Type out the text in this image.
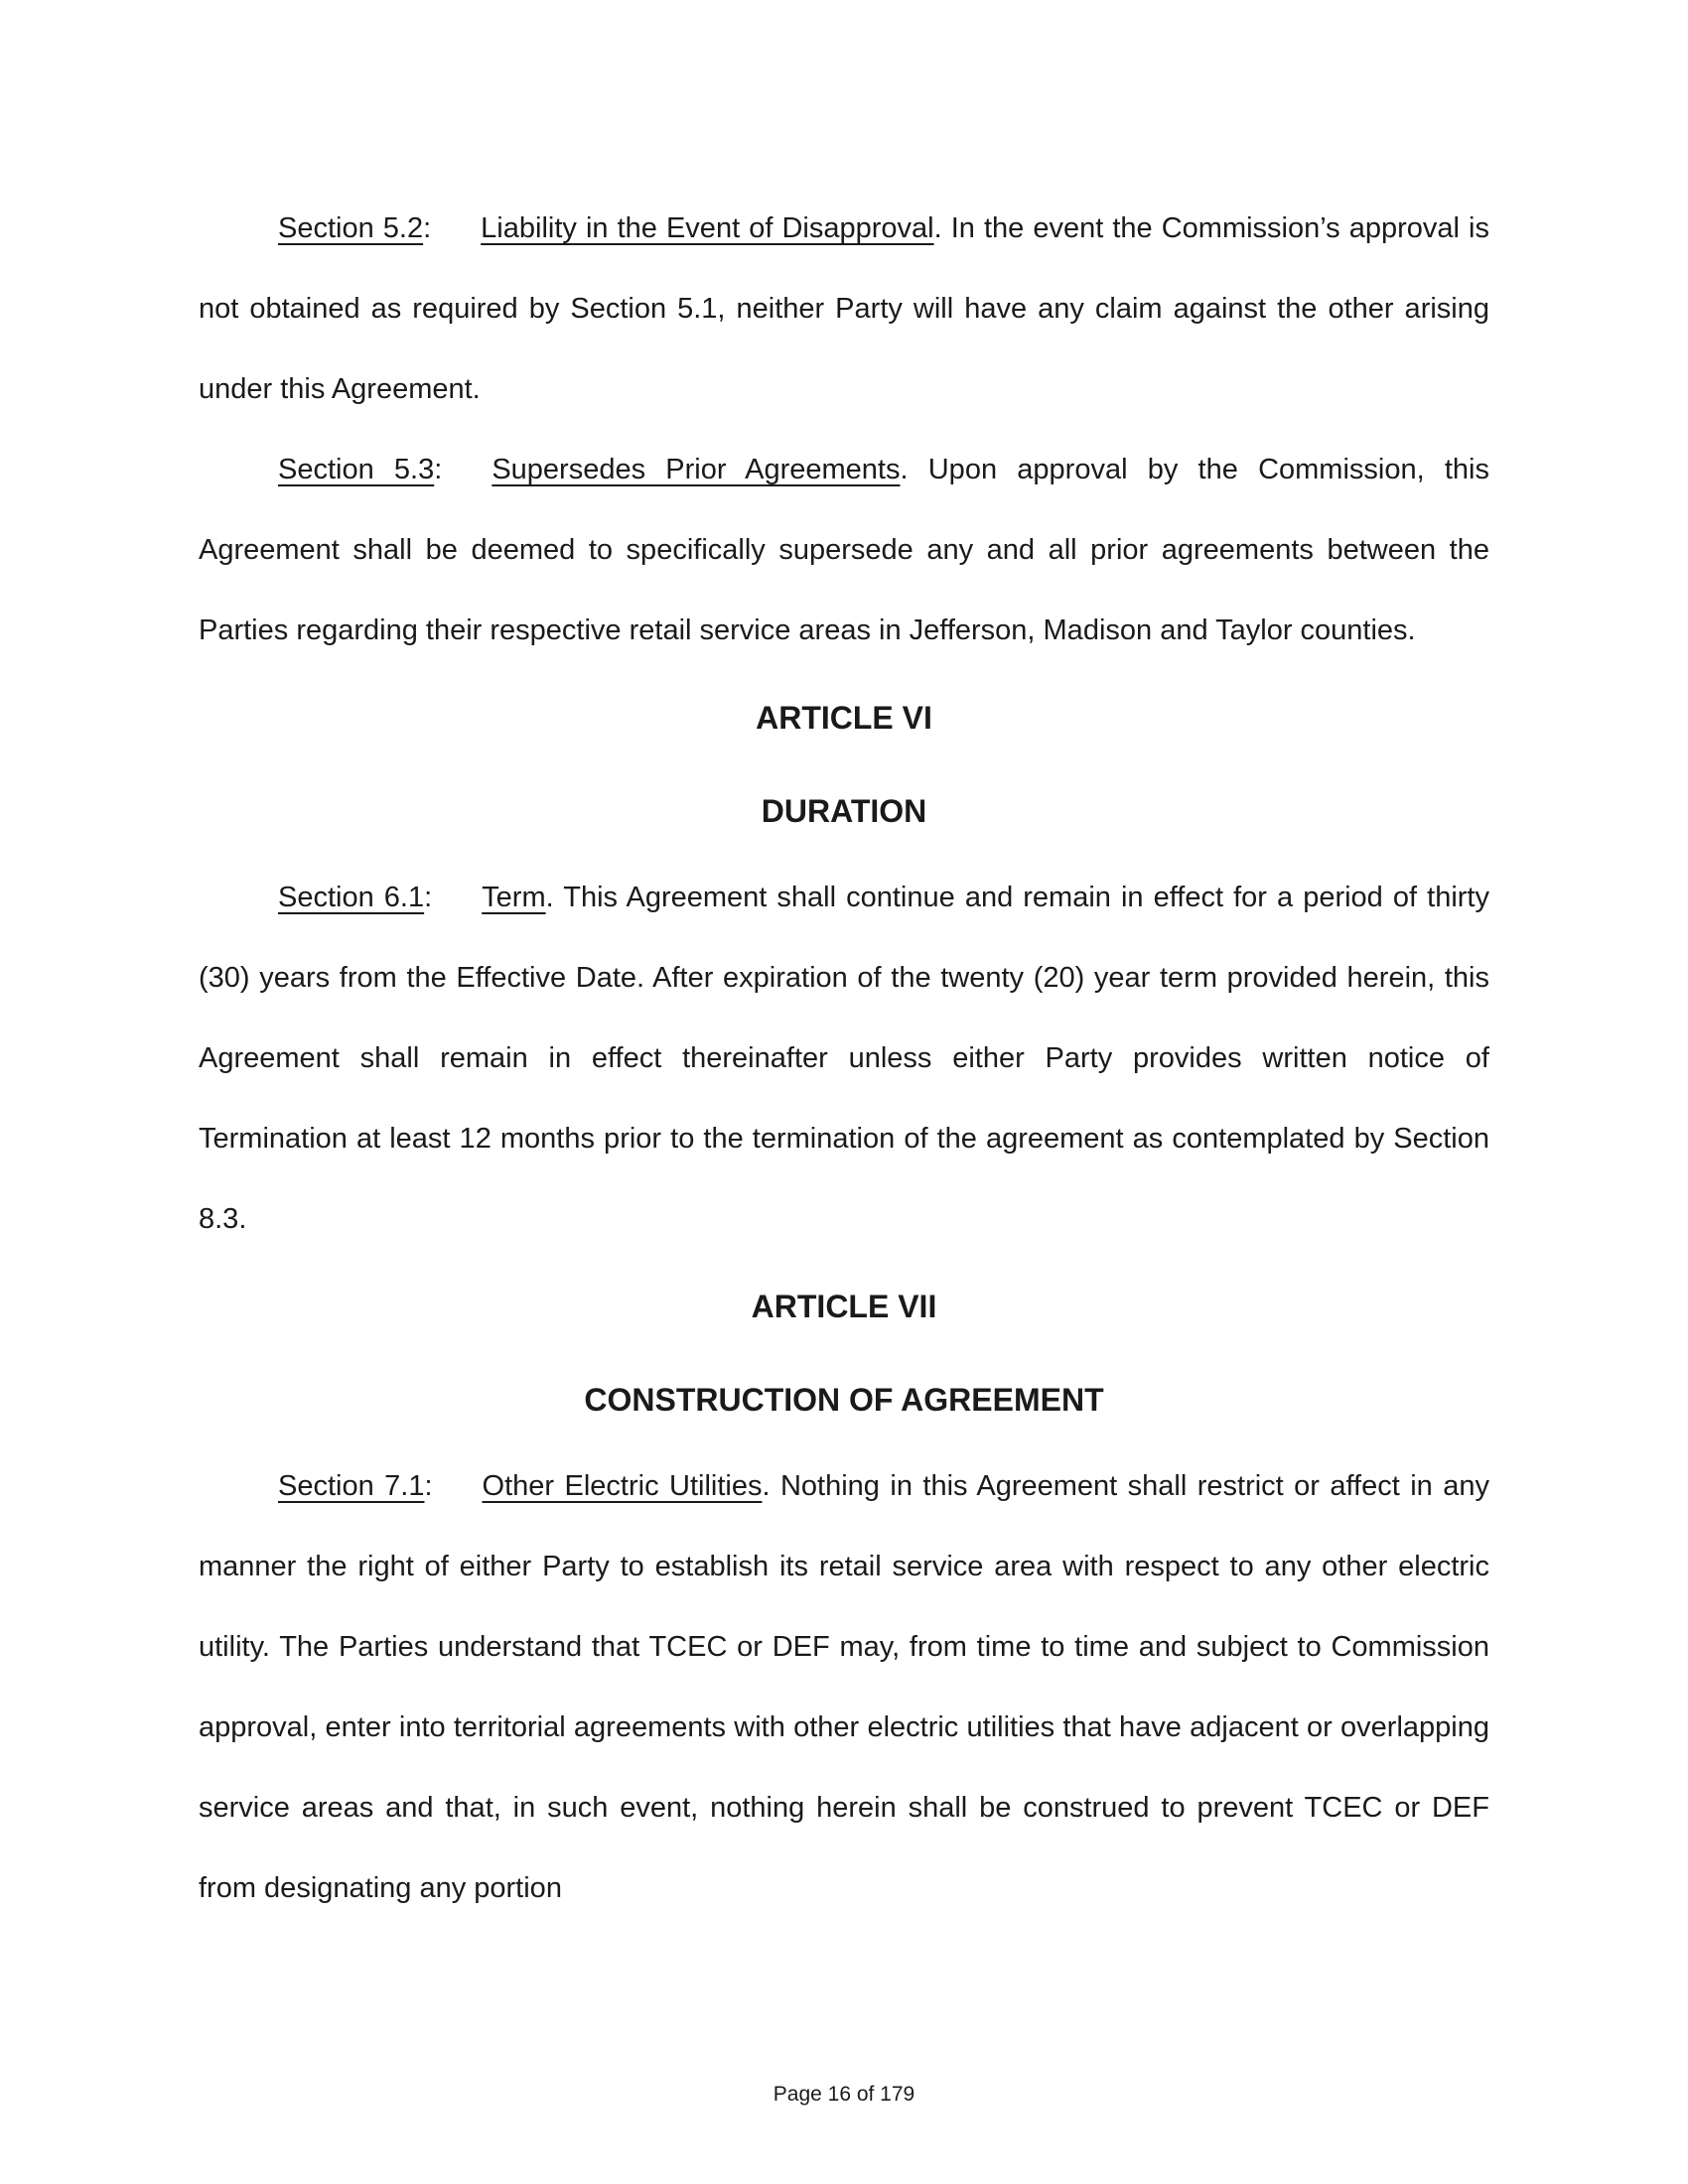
Section 5.2: Liability in the Event of Disapproval. In the event the Commission’s approval is not obtained as required by Section 5.1, neither Party will have any claim against the other arising under this Agreement.

Section 5.3: Supersedes Prior Agreements. Upon approval by the Commission, this Agreement shall be deemed to specifically supersede any and all prior agreements between the Parties regarding their respective retail service areas in Jefferson, Madison and Taylor counties.

ARTICLE VI
DURATION

Section 6.1: Term. This Agreement shall continue and remain in effect for a period of thirty (30) years from the Effective Date. After expiration of the twenty (20) year term provided herein, this Agreement shall remain in effect thereinafter unless either Party provides written notice of Termination at least 12 months prior to the termination of the agreement as contemplated by Section 8.3.

ARTICLE VII
CONSTRUCTION OF AGREEMENT

Section 7.1: Other Electric Utilities. Nothing in this Agreement shall restrict or affect in any manner the right of either Party to establish its retail service area with respect to any other electric utility. The Parties understand that TCEC or DEF may, from time to time and subject to Commission approval, enter into territorial agreements with other electric utilities that have adjacent or overlapping service areas and that, in such event, nothing herein shall be construed to prevent TCEC or DEF from designating any portion

Page 16 of 179
